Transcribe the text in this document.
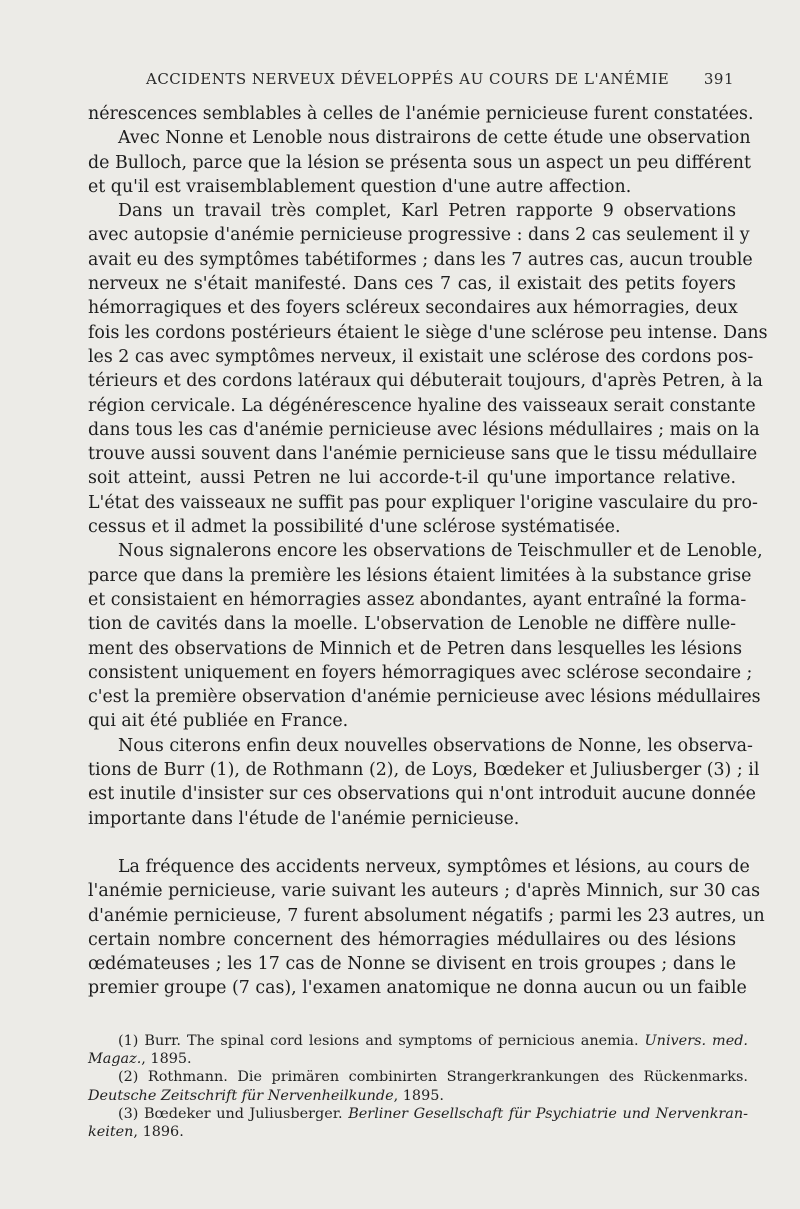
ACCIDENTS NERVEUX DÉVELOPPÉS AU COURS DE L'ANÉMIE 391
nérescences semblables à celles de l'anémie pernicieuse furent constatées.
Avec Nonne et Lenoble nous distrairons de cette étude une observation
de Bulloch, parce que la lésion se présenta sous un aspect un peu différent
et qu'il est vraisemblablement question d'une autre affection.
Dans un travail très complet, Karl Petren rapporte 9 observations
avec autopsie d'anémie pernicieuse progressive : dans 2 cas seulement il y
avait eu des symptômes tabétiformes ; dans les 7 autres cas, aucun trouble
nerveux ne s'était manifesté. Dans ces 7 cas, il existait des petits foyers
hémorragiques et des foyers scléreux secondaires aux hémorragies, deux
fois les cordons postérieurs étaient le siège d'une sclérose peu intense. Dans
les 2 cas avec symptômes nerveux, il existait une sclérose des cordons pos-
térieurs et des cordons latéraux qui débuterait toujours, d'après Petren, à la
région cervicale. La dégénérescence hyaline des vaisseaux serait constante
dans tous les cas d'anémie pernicieuse avec lésions médullaires ; mais on la
trouve aussi souvent dans l'anémie pernicieuse sans que le tissu médullaire
soit atteint, aussi Petren ne lui accorde-t-il qu'une importance relative.
L'état des vaisseaux ne suffit pas pour expliquer l'origine vasculaire du pro-
cessus et il admet la possibilité d'une sclérose systématisée.
Nous signalerons encore les observations de Teischmuller et de Lenoble,
parce que dans la première les lésions étaient limitées à la substance grise
et consistaient en hémorragies assez abondantes, ayant entraîné la forma-
tion de cavités dans la moelle. L'observation de Lenoble ne diffère nulle-
ment des observations de Minnich et de Petren dans lesquelles les lésions
consistent uniquement en foyers hémorragiques avec sclérose secondaire ;
c'est la première observation d'anémie pernicieuse avec lésions médullaires
qui ait été publiée en France.
Nous citerons enfin deux nouvelles observations de Nonne, les observa-
tions de Burr (1), de Rothmann (2), de Loys, Bœdeker et Juliusberger (3) ; il
est inutile d'insister sur ces observations qui n'ont introduit aucune donnée
importante dans l'étude de l'anémie pernicieuse.
La fréquence des accidents nerveux, symptômes et lésions, au cours de
l'anémie pernicieuse, varie suivant les auteurs ; d'après Minnich, sur 30 cas
d'anémie pernicieuse, 7 furent absolument négatifs ; parmi les 23 autres, un
certain nombre concernent des hémorragies médullaires ou des lésions
œdémateuses ; les 17 cas de Nonne se divisent en trois groupes ; dans le
premier groupe (7 cas), l'examen anatomique ne donna aucun ou un faible
(1) Burr. The spinal cord lesions and symptoms of pernicious anemia. Univers. med.
Magaz., 1895.
(2) Rothmann. Die primären combinirten Strangerkrankungen des Rückenmarks.
Deutsche Zeitschrift für Nervenheilkunde, 1895.
(3) Bœdeker und Juliusberger. Berliner Gesellschaft für Psychiatrie und Nervenkran-
keiten, 1896.
